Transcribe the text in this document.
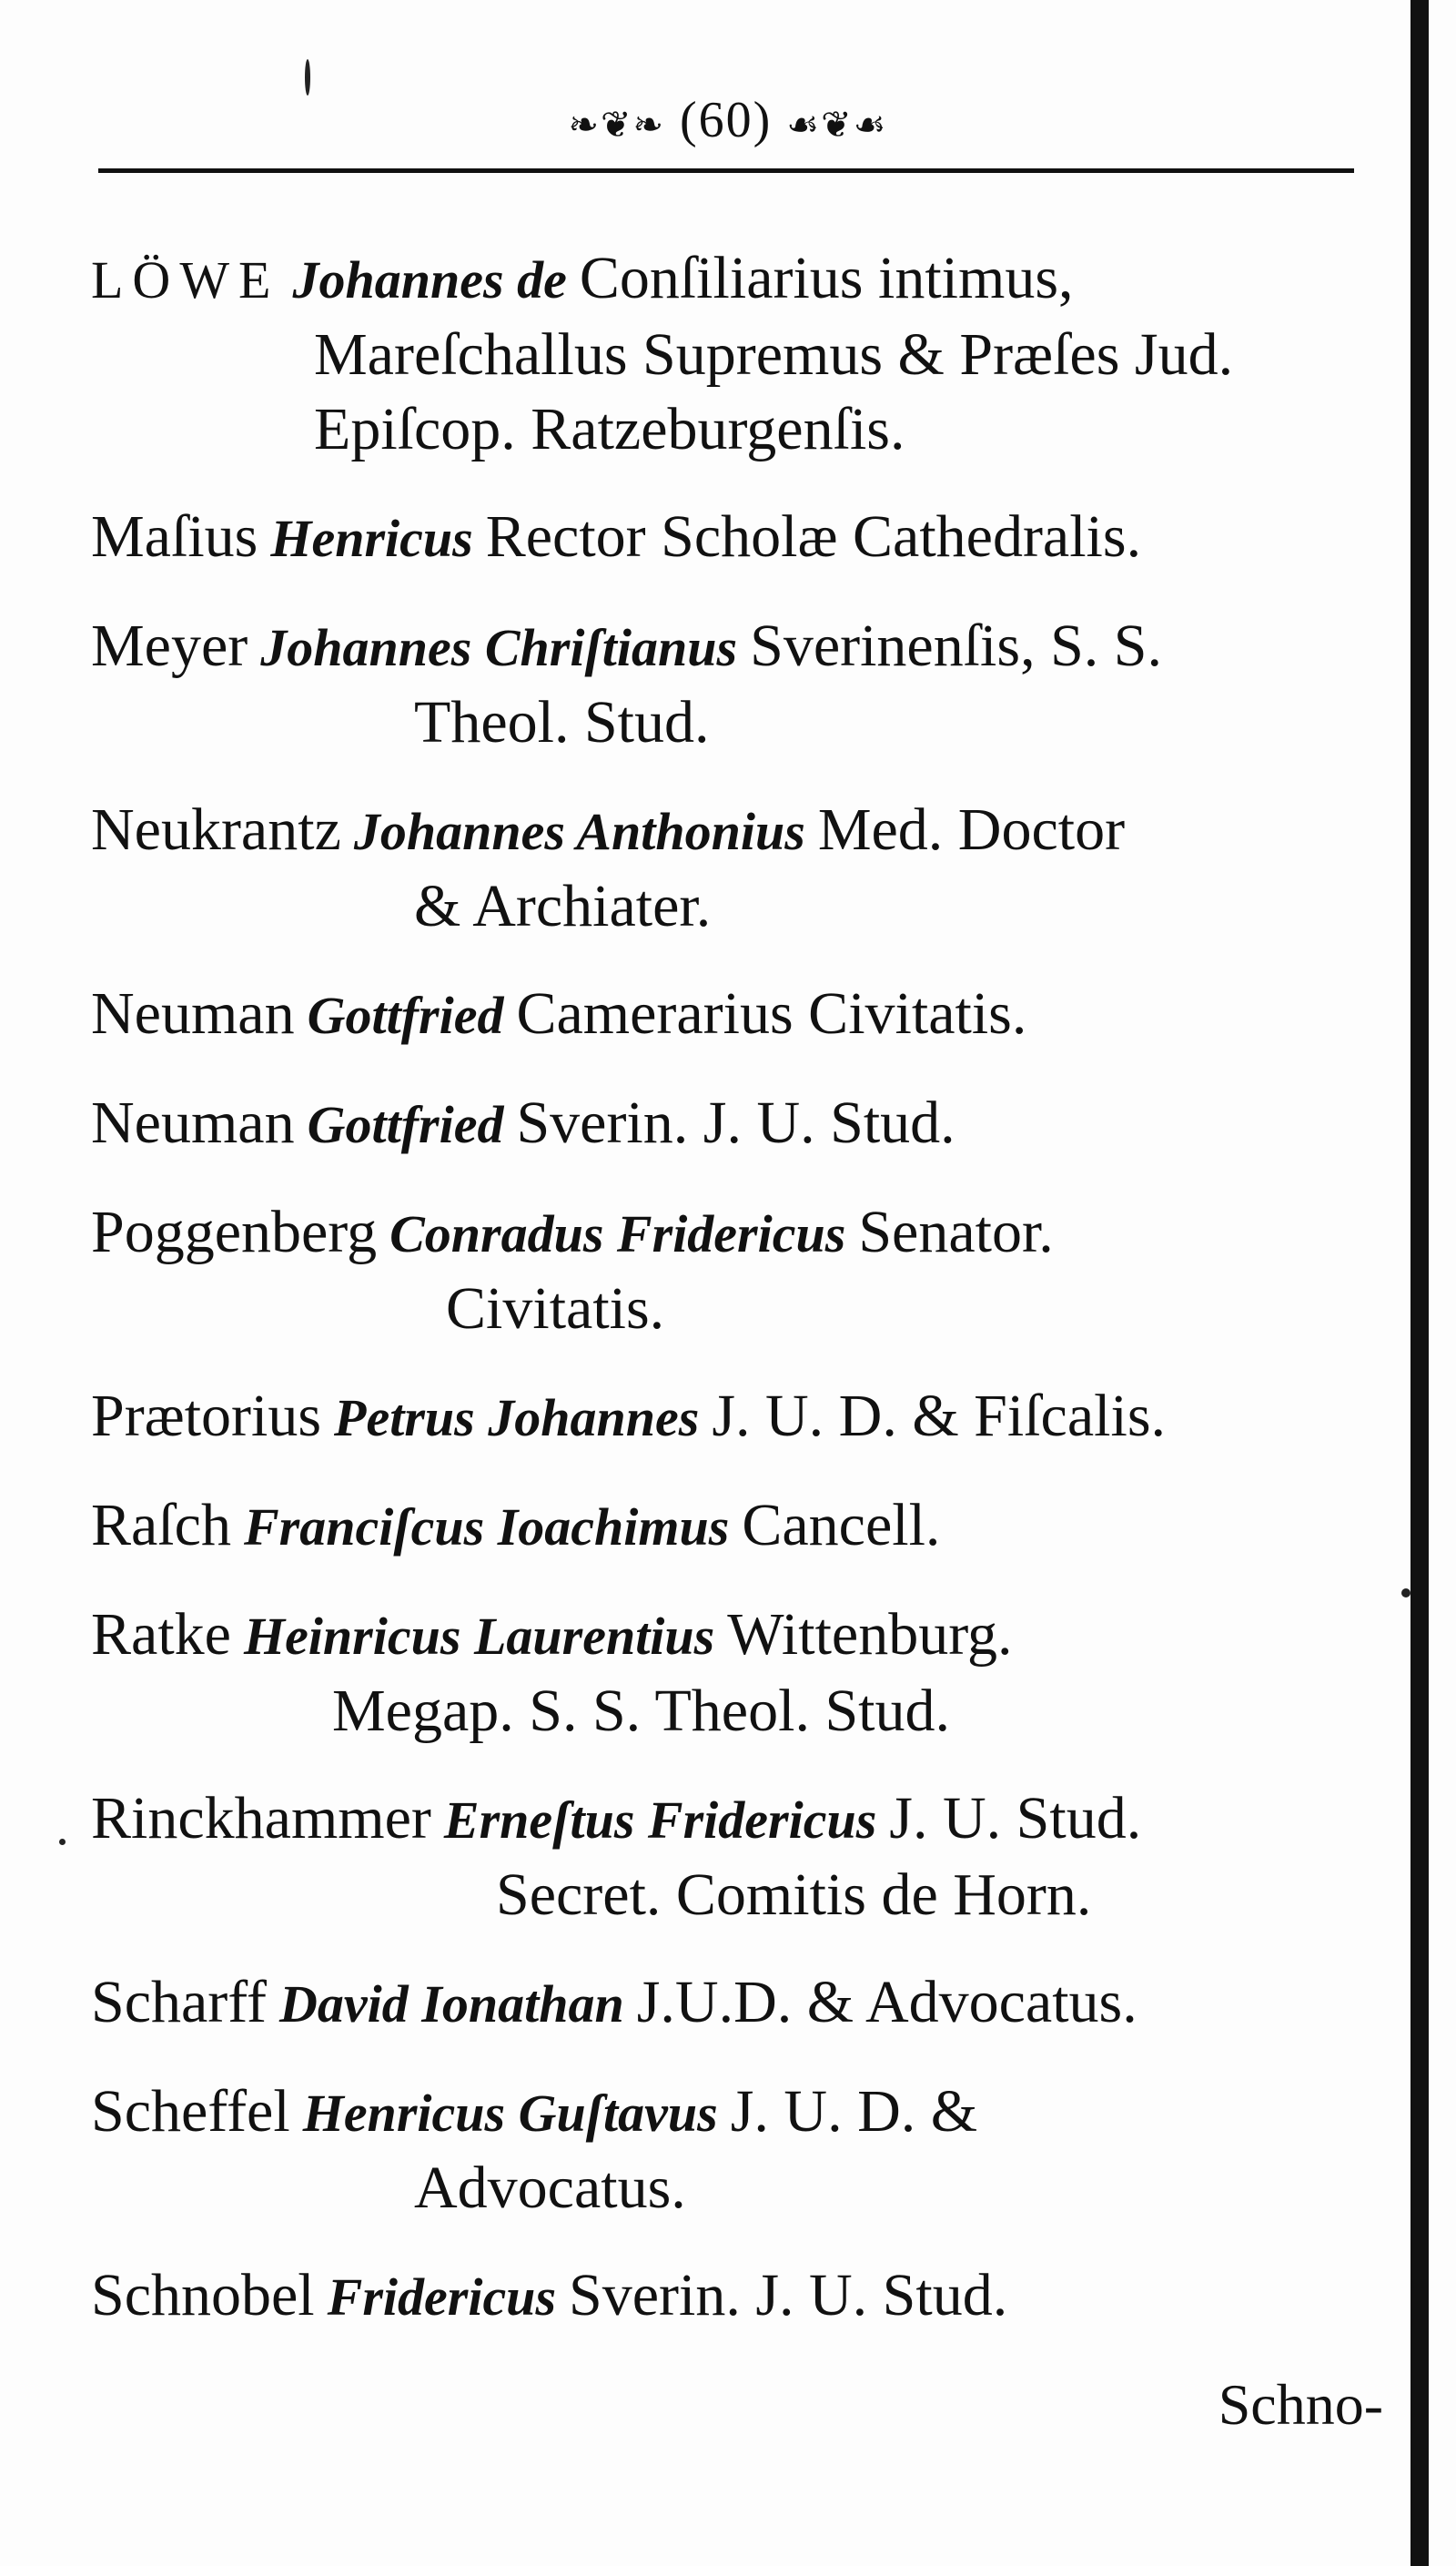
❧❦❧ (60) ☙❦☙
LÖWE Johannes de Conſiliarius intimus,
Mareſchallus Supremus & Præſes Jud.
Epiſcop. Ratzeburgenſis.
Maſius Henricus Rector Scholæ Cathedralis.
Meyer Johannes Chriſtianus Sverinenſis, S. S.
Theol. Stud.
Neukrantz Johannes Anthonius Med. Doctor
& Archiater.
Neuman Gottfried Camerarius Civitatis.
Neuman Gottfried Sverin. J. U. Stud.
Poggenberg Conradus Fridericus Senator.
Civitatis.
Prætorius Petrus Johannes J. U. D. & Fiſcalis.
Raſch Franciſcus Ioachimus Cancell.
Ratke Heinricus Laurentius Wittenburg.
Megap. S. S. Theol. Stud.
Rinckhammer Erneſtus Fridericus J. U. Stud.
Secret. Comitis de Horn.
Scharff David Ionathan J.U.D. & Advocatus.
Scheffel Henricus Guſtavus J. U. D. &
Advocatus.
Schnobel Fridericus Sverin. J. U. Stud.
Schno-
